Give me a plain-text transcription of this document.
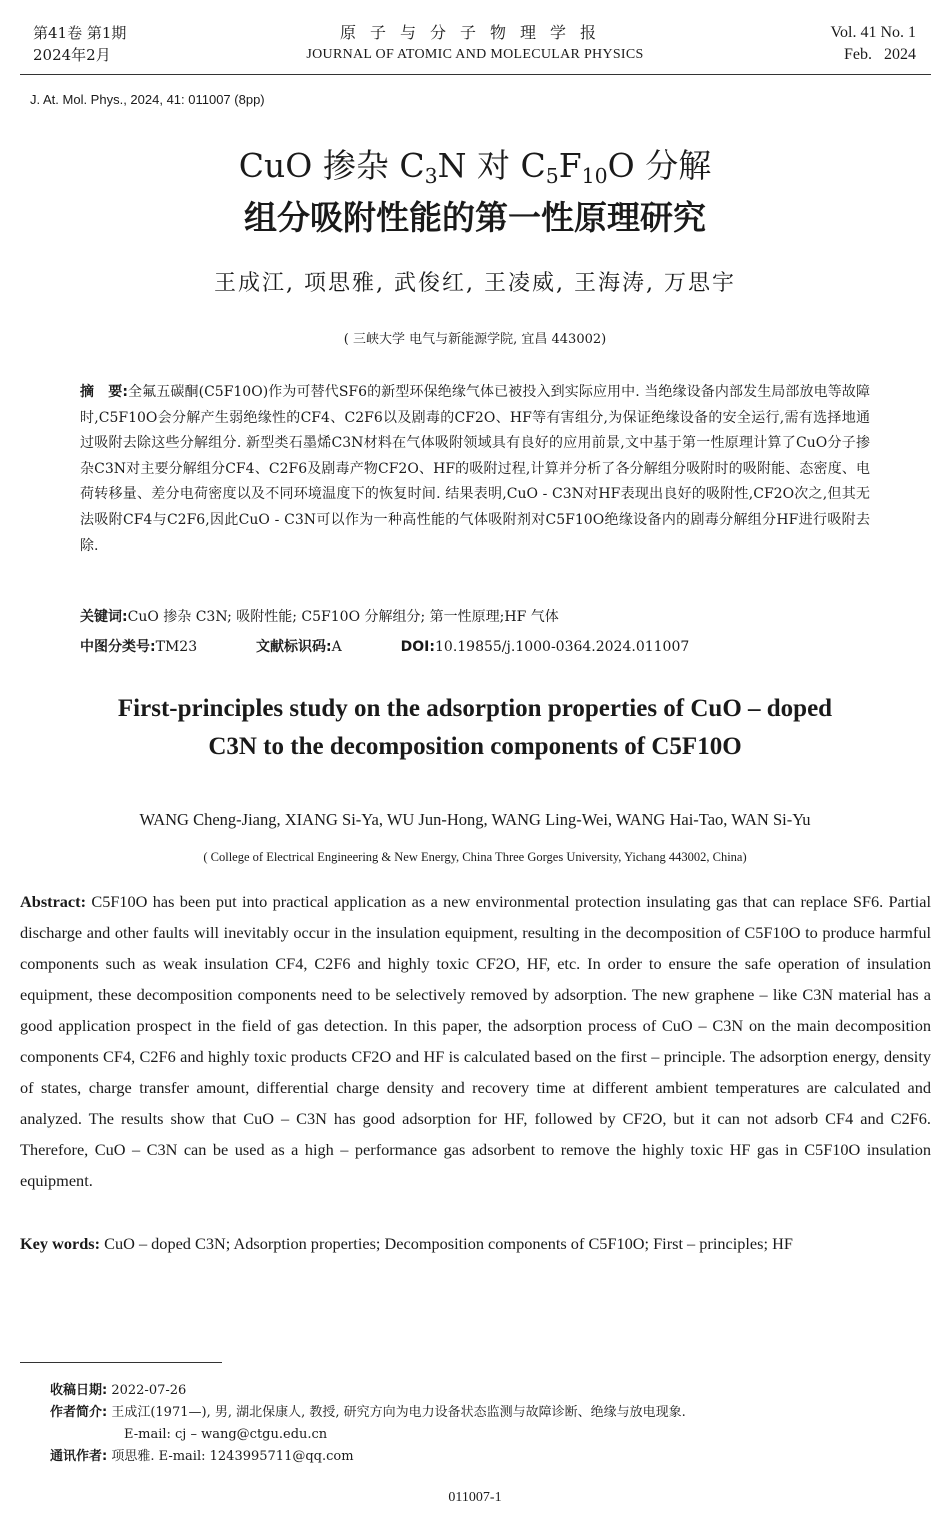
第41卷 第1期
2024年2月
原子与分子物理学报
JOURNAL OF ATOMIC AND MOLECULAR PHYSICS
Vol. 41 No. 1
Feb.   2024
J. At. Mol. Phys., 2024, 41: 011007 (8pp)
CuO 掺杂 $C_3N$ 对 $C_5F_{10}O$ 分解
组分吸附性能的第一性原理研究
王成江, 项思雅, 武俊红, 王凌威, 王海涛, 万思宇
( 三峡大学 电气与新能源学院, 宜昌 443002)
摘　要:全氟五碳酮(C5F10O)作为可替代SF6的新型环保绝缘气体已被投入到实际应用中. 当绝缘设备内部发生局部放电等故障时,C5F10O会分解产生弱绝缘性的CF4、C2F6以及剧毒的CF2O、HF等有害组分,为保证绝缘设备的安全运行,需有选择地通过吸附去除这些分解组分. 新型类石墨烯C3N材料在气体吸附领域具有良好的应用前景,文中基于第一性原理计算了CuO分子掺杂C3N对主要分解组分CF4、C2F6及剧毒产物CF2O、HF的吸附过程,计算并分析了各分解组分吸附时的吸附能、态密度、电荷转移量、差分电荷密度以及不同环境温度下的恢复时间. 结果表明,CuO - C3N对HF表现出良好的吸附性,CF2O次之,但其无法吸附CF4与C2F6,因此CuO - C3N可以作为一种高性能的气体吸附剂对C5F10O绝缘设备内的剧毒分解组分HF进行吸附去除.
关键词:CuO 掺杂 C3N; 吸附性能; C5F10O 分解组分; 第一性原理;HF 气体
中图分类号:TM23	文献标识码:A	DOI:10.19855/j.1000-0364.2024.011007
First-principles study on the adsorption properties of CuO – doped
C3N to the decomposition components of C5F10O
WANG Cheng-Jiang, XIANG Si-Ya, WU Jun-Hong, WANG Ling-Wei, WANG Hai-Tao, WAN Si-Yu
( College of Electrical Engineering & New Energy, China Three Gorges University, Yichang 443002, China)
Abstract: C5F10O has been put into practical application as a new environmental protection insulating gas that can replace SF6. Partial discharge and other faults will inevitably occur in the insulation equipment, resulting in the decomposition of C5F10O to produce harmful components such as weak insulation CF4, C2F6 and highly toxic CF2O, HF, etc. In order to ensure the safe operation of insulation equipment, these decomposition components need to be selectively removed by adsorption. The new graphene – like C3N material has a good application prospect in the field of gas detection. In this paper, the adsorption process of CuO – C3N on the main decomposition components CF4, C2F6 and highly toxic products CF2O and HF is calculated based on the first – principle. The adsorption energy, density of states, charge transfer amount, differential charge density and recovery time at different ambient temperatures are calculated and analyzed. The results show that CuO – C3N has good adsorption for HF, followed by CF2O, but it can not adsorb CF4 and C2F6. Therefore, CuO – C3N can be used as a high – performance gas adsorbent to remove the highly toxic HF gas in C5F10O insulation equipment.
Key words: CuO – doped C3N; Adsorption properties; Decomposition components of C5F10O; First – principles; HF
收稿日期: 2022-07-26
作者简介: 王成江(1971—), 男, 湖北保康人, 教授, 研究方向为电力设备状态监测与故障诊断、绝缘与放电现象.
E-mail: cj – wang@ctgu.edu.cn
通讯作者: 项思雅. E-mail: 1243995711@qq.com
011007-1
